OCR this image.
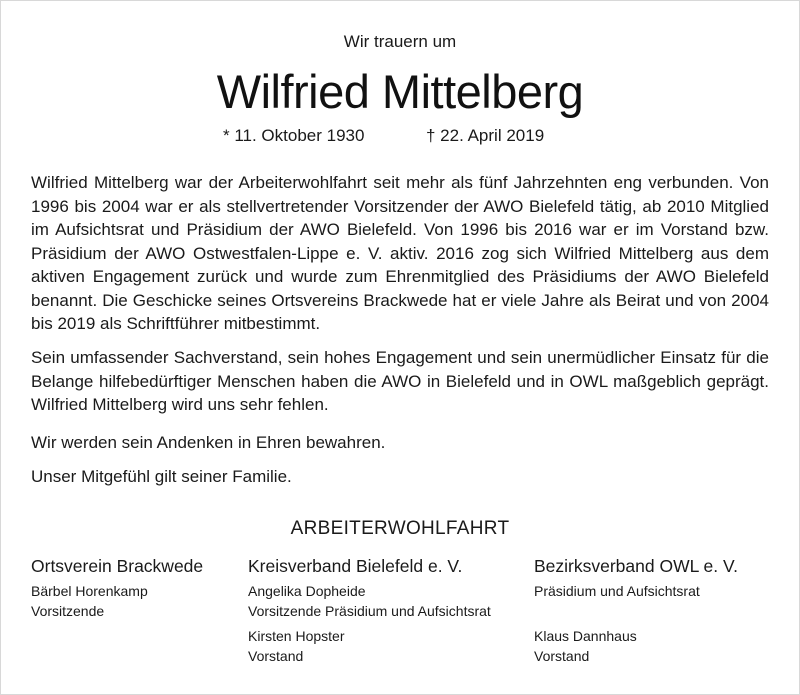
Wir trauern um
Wilfried Mittelberg
* 11. Oktober 1930	† 22. April 2019

Wilfried Mittelberg war der Arbeiterwohlfahrt seit mehr als fünf Jahrzehnten eng verbunden. Von 1996 bis 2004 war er als stellvertretender Vorsitzender der AWO Bielefeld tätig, ab 2010 Mitglied im Aufsichtsrat und Präsidium der AWO Bielefeld. Von 1996 bis 2016 war er im Vorstand bzw. Präsidium der AWO Ostwestfalen-Lippe e. V. aktiv. 2016 zog sich Wilfried Mittelberg aus dem aktiven Engagement zurück und wurde zum Ehrenmitglied des Präsidiums der AWO Bielefeld benannt. Die Geschicke seines Ortsvereins Brackwede hat er viele Jahre als Beirat und von 2004 bis 2019 als Schriftführer mitbestimmt.

Sein umfassender Sachverstand, sein hohes Engagement und sein unermüdlicher Einsatz für die Belange hilfebedürftiger Menschen haben die AWO in Bielefeld und in OWL maßgeblich geprägt. Wilfried Mittelberg wird uns sehr fehlen.

Wir werden sein Andenken in Ehren bewahren.

Unser Mitgefühl gilt seiner Familie.

ARBEITERWOHLFAHRT
Ortsverein Brackwede
Bärbel Horenkamp
Vorsitzende
Kreisverband Bielefeld e. V.
Angelika Dopheide
Vorsitzende Präsidium und Aufsichtsrat
Kirsten Hopster
Vorstand
Bezirksverband OWL e. V.
Präsidium und Aufsichtsrat
Klaus Dannhaus
Vorstand
